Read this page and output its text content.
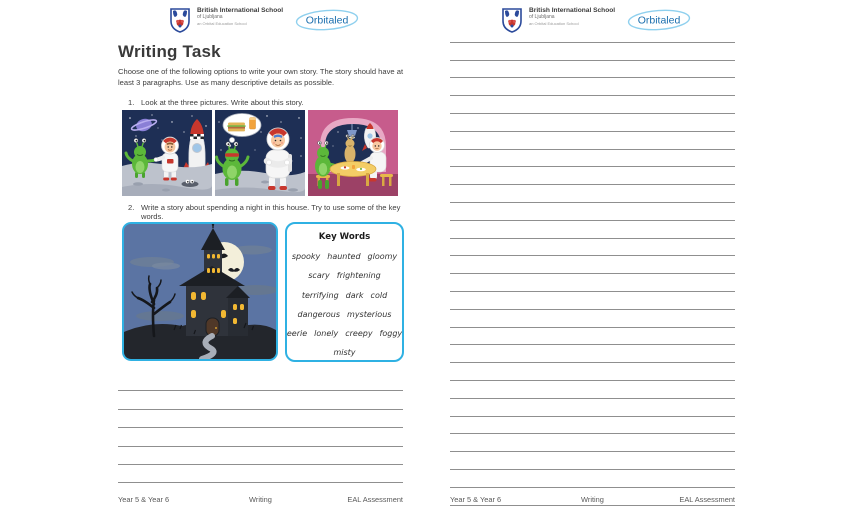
British International School
of Ljubljana
an Orbital Education School	Orbitaled
Writing Task
Choose one of the following options to write your own story. The story should have at least 3 paragraphs. Use as many descriptive details as possible.
1. Look at the three pictures. Write about this story.
2. Write a story about spending a night in this house. Try to use some of the key words.
Key Words
spooky haunted gloomy
scary frightening
terrifying dark cold
dangerous mysterious
eerie lonely creepy foggy
misty
Year 5 & Year 6	Writing	EAL Assessment
British International School
of Ljubljana
an Orbital Education School	Orbitaled
Year 5 & Year 6	Writing	EAL Assessment
